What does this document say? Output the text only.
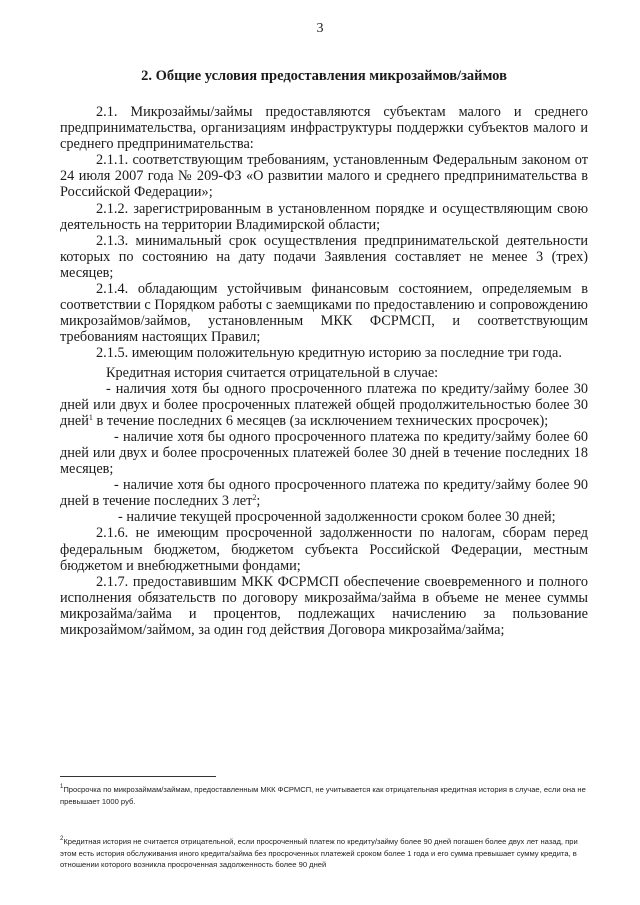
3
2. Общие условия предоставления микрозаймов/займов

2.1. Микрозаймы/займы предоставляются субъектам малого и среднего предпринимательства, организациям инфраструктуры поддержки субъектов малого и среднего предпринимательства:

2.1.1. соответствующим требованиям, установленным Федеральным законом от 24 июля 2007 года № 209-ФЗ «О развитии малого и среднего предпринимательства в Российской Федерации»;

2.1.2. зарегистрированным в установленном порядке и осуществляющим свою деятельность на территории Владимирской области;

2.1.3. минимальный срок осуществления предпринимательской деятельности которых по состоянию на дату подачи Заявления составляет не менее 3 (трех) месяцев;

2.1.4. обладающим устойчивым финансовым состоянием, определяемым в соответствии с Порядком работы с заемщиками по предоставлению и сопровождению микрозаймов/займов, установленным МКК ФСРМСП, и соответствующим требованиям настоящих Правил;

2.1.5. имеющим положительную кредитную историю за последние три года.

Кредитная история считается отрицательной в случае:

- наличия хотя бы одного просроченного платежа по кредиту/займу более 30 дней или двух и более просроченных платежей общей продолжительностью более 30 дней$^1$ в течение последних 6 месяцев (за исключением технических просрочек);

- наличие хотя бы одного просроченного платежа по кредиту/займу более 60 дней или двух и более просроченных платежей более 30 дней в течение последних 18 месяцев;

- наличие хотя бы одного просроченного платежа по кредиту/займу более 90 дней в течение последних 3 лет$^2$;

- наличие текущей просроченной задолженности сроком более 30 дней;

2.1.6. не имеющим просроченной задолженности по налогам, сборам перед федеральным бюджетом, бюджетом субъекта Российской Федерации, местным бюджетом и внебюджетными фондами;

2.1.7. предоставившим МКК ФСРМСП обеспечение своевременного и полного исполнения обязательств по договору микрозайма/займа в объеме не менее суммы микрозайма/займа и процентов, подлежащих начислению за пользование микрозаймом/займом, за один год действия Договора микрозайма/займа;

$^1$Просрочка по микрозаймам/займам, предоставленным МКК ФСРМСП, не учитывается как отрицательная кредитная история в случае, если она не превышает 1000 руб.
$^2$Кредитная история не считается отрицательной, если просроченный платеж по кредиту/займу более 90 дней погашен более двух лет назад, при этом есть история обслуживания иного кредита/займа без просроченных платежей сроком более 1 года и его сумма превышает сумму кредита, в отношении которого возникла просроченная задолженность более 90 дней
